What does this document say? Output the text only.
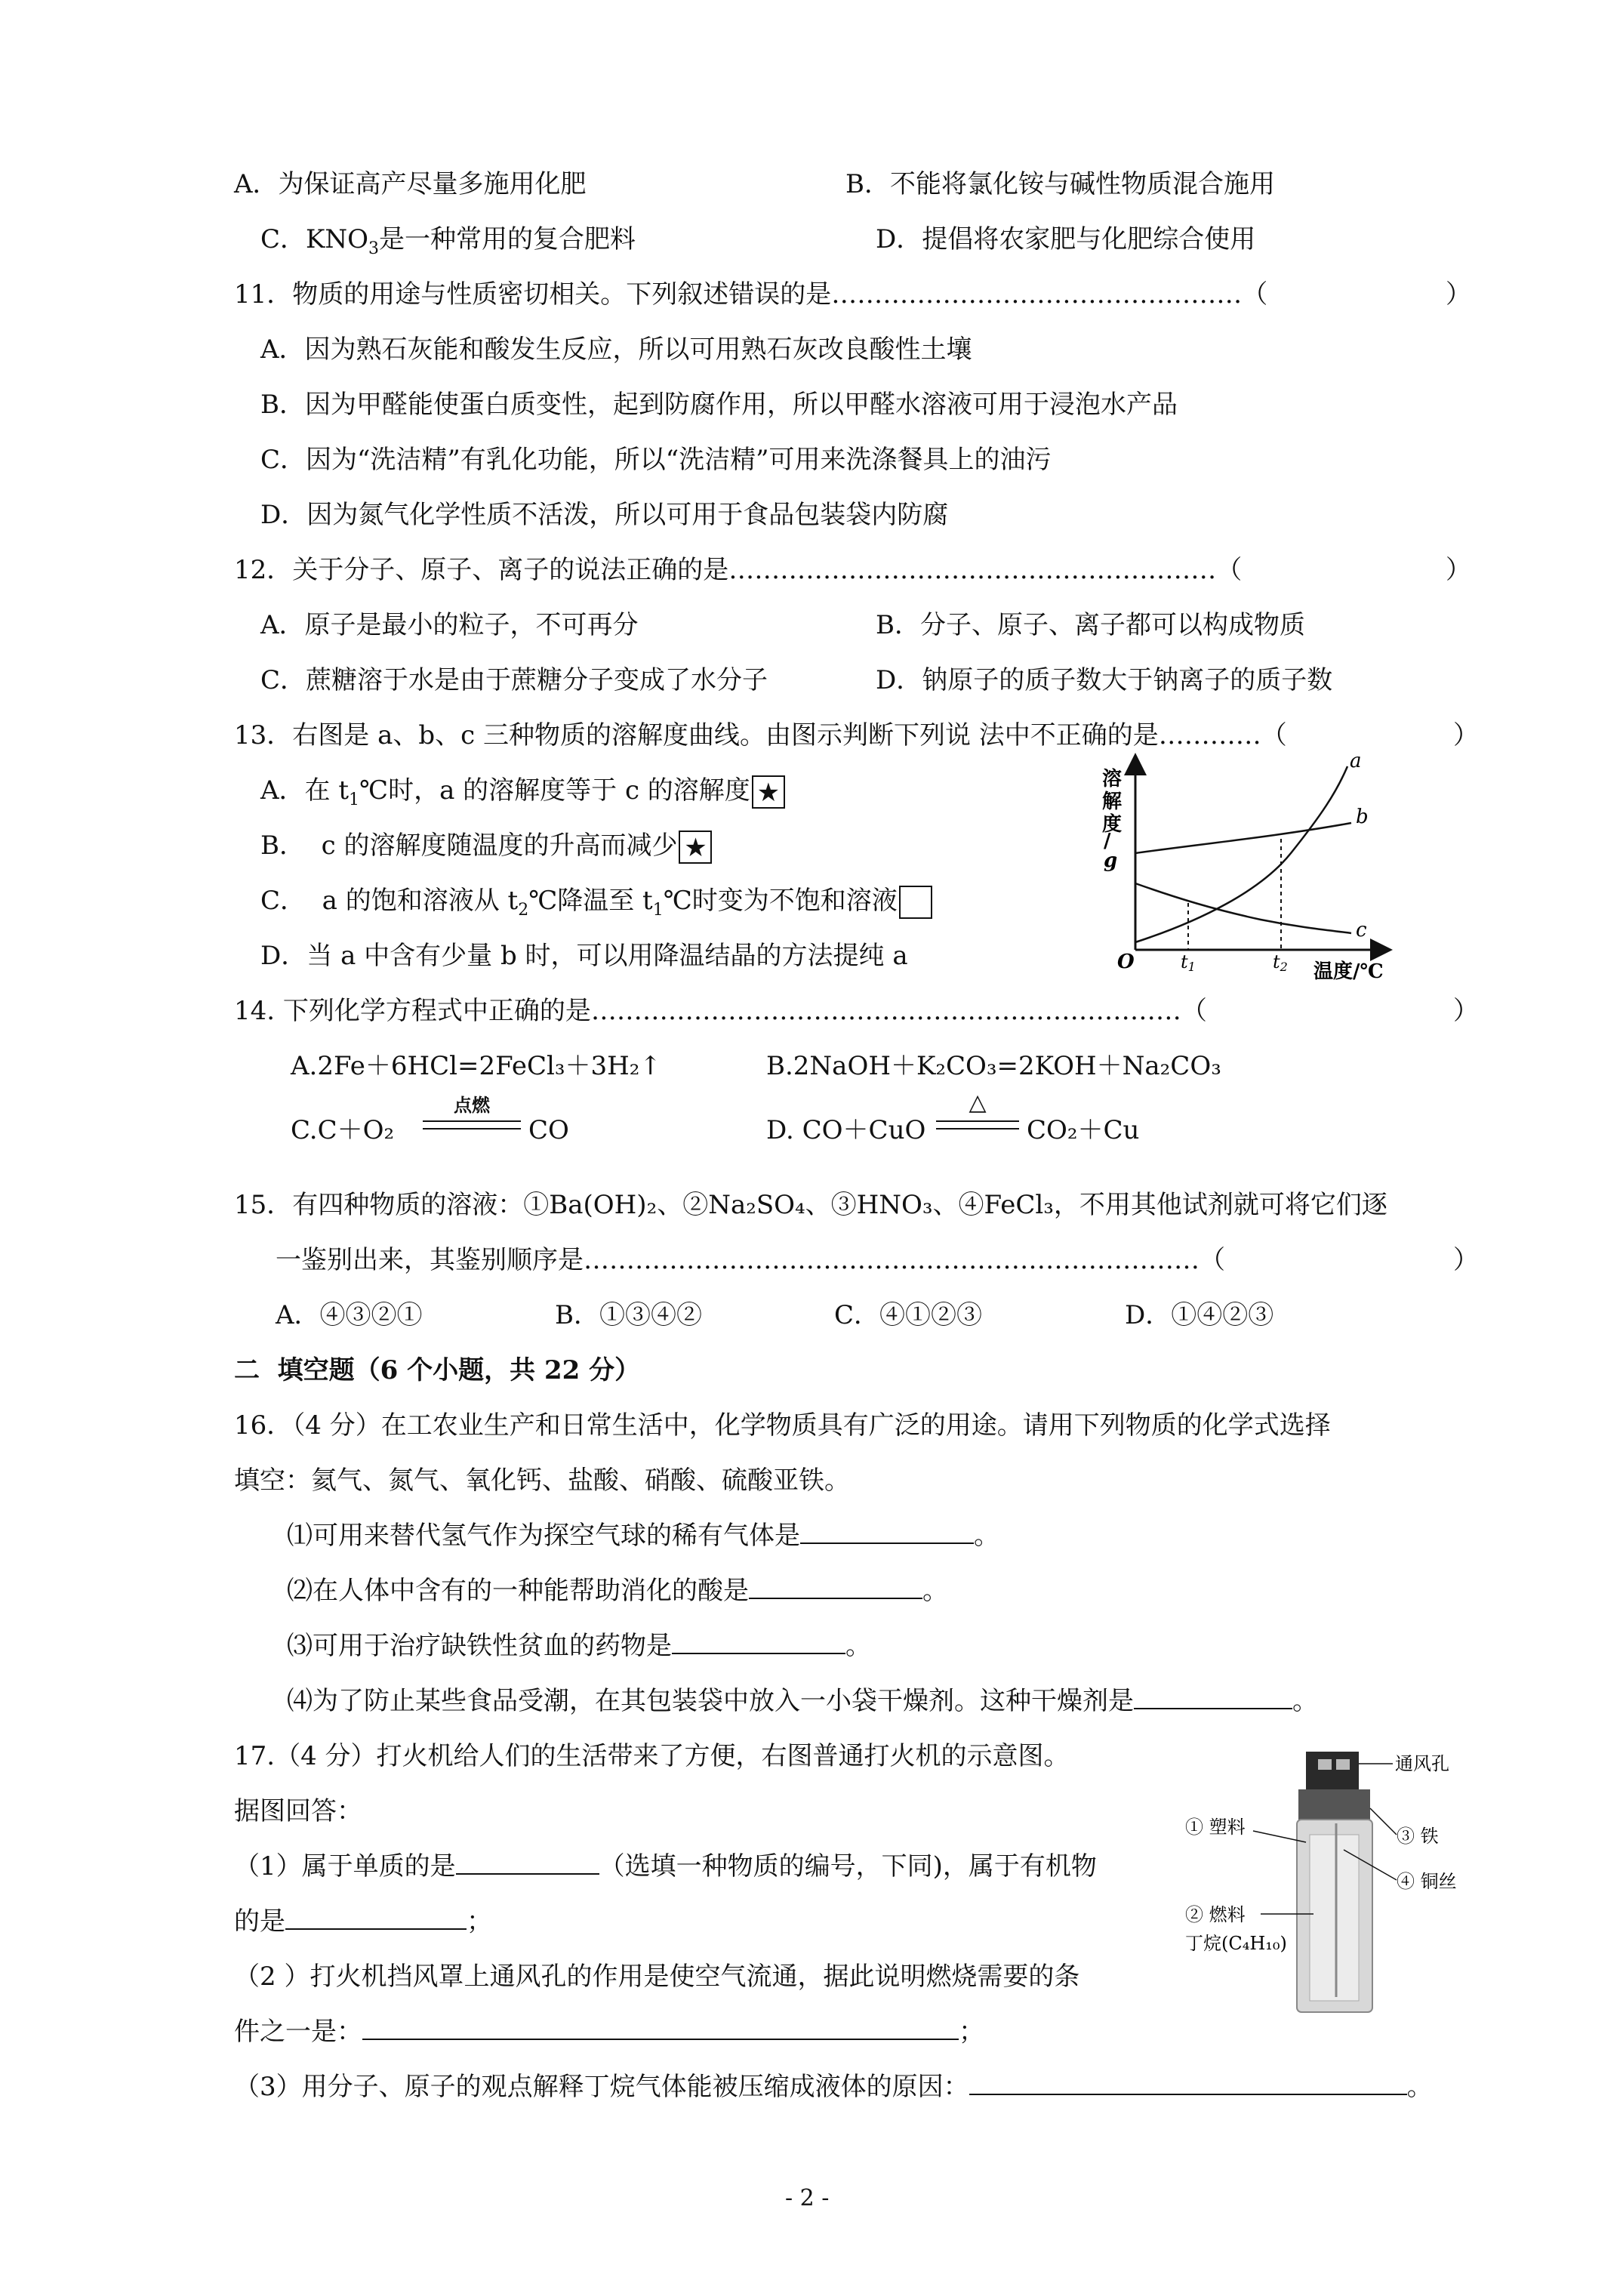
A．为保证高产尽量多施用化肥	B．不能将氯化铵与碱性物质混合施用
C．$KNO_3$是一种常用的复合肥料	D．提倡将农家肥与化肥综合使用
11．物质的用途与性质密切相关。下列叙述错误的是…………………………………………（	）
A．因为熟石灰能和酸发生反应，所以可用熟石灰改良酸性土壤
B．因为甲醛能使蛋白质变性，起到防腐作用，所以甲醛水溶液可用于浸泡水产品
C．因为“洗洁精”有乳化功能，所以“洗洁精”可用来洗涤餐具上的油污
D．因为氮气化学性质不活泼，所以可用于食品包装袋内防腐
12．关于分子、原子、离子的说法正确的是…………………………………………………（	）
A．原子是最小的粒子，不可再分	B．分子、原子、离子都可以构成物质
C．蔗糖溶于水是由于蔗糖分子变成了水分子	D．钠原子的质子数大于钠离子的质子数
13．右图是 a、b、c 三种物质的溶解度曲线。由图示判断下列说 法中不正确的是…………（	）
A．在 $t_1℃$时，a 的溶解度等于 c 的溶解度 ★
B．  c 的溶解度随温度的升高而减少 ★
C．  a 的饱和溶液从 $t_2℃$降温至 $t_1℃$时变为不饱和溶液
D．当 a 中含有少量 b 时，可以用降温结晶的方法提纯 a
溶
解
度
/
g
a
b
c
O	t1	t2 温度/℃
14. 下列化学方程式中正确的是……………………………………………………………（	）
A.2Fe＋6HCl=2FeCl₃＋3H₂↑	B.2NaOH＋K₂CO₃=2KOH＋Na₂CO₃
C.C＋O₂
点燃
CO	D. CO＋CuO
△
CO₂＋Cu
15．有四种物质的溶液：①Ba(OH)₂、②Na₂SO₄、③HNO₃、④FeCl₃，不用其他试剂就可将它们逐
一鉴别出来，其鉴别顺序是………………………………………………………………（	）
A．④③②①	B．①③④②	C．④①②③	D．①④②③
二  填空题（6 个小题，共 22 分）
16．（4 分）在工农业生产和日常生活中，化学物质具有广泛的用途。请用下列物质的化学式选择
填空：氦气、氮气、氧化钙、盐酸、硝酸、硫酸亚铁。
⑴可用来替代氢气作为探空气球的稀有气体是	。
⑵在人体中含有的一种能帮助消化的酸是	。
⑶可用于治疗缺铁性贫血的药物是	。
⑷为了防止某些食品受潮，在其包装袋中放入一小袋干燥剂。这种干燥剂是	。
17.（4 分）打火机给人们的生活带来了方便，右图普通打火机的示意图。
据图回答：
（1）属于单质的是	（选填一种物质的编号，下同)，属于有机物
的是	；
（2 ）打火机挡风罩上通风孔的作用是使空气流通，据此说明燃烧需要的条
件之一是：	；
（3）用分子、原子的观点解释丁烷气体能被压缩成液体的原因：	。
通风孔
① 塑料	③ 铁
④ 铜丝
② 燃料
丁烷(C₄H₁₀)
- 2 -
